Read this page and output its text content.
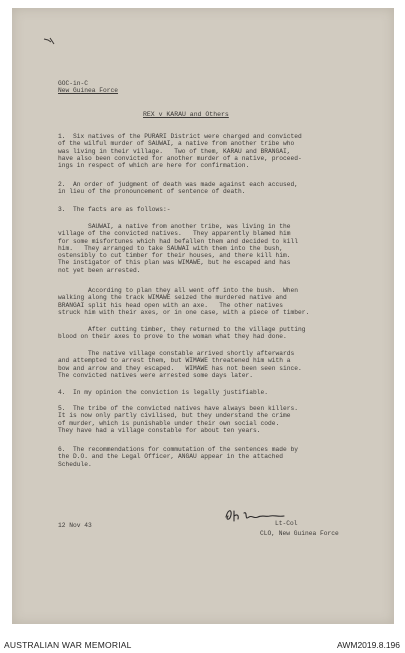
GOC-in-C
New Guinea Force
REX v KARAU and Others
1.  Six natives of the PURARI District were charged and convicted
of the wilful murder of SAUWAI, a native from another tribe who
was living in their village.   Two of them, KARAU and BRANGAI,
have also been convicted for another murder of a native, proceed-
ings in respect of which are here for confirmation.
2.  An order of judgment of death was made against each accused,
in lieu of the pronouncement of sentence of death.
3.  The facts are as follows:-
SAUWAI, a native from another tribe, was living in the
village of the convicted natives.   They apparently blamed him
for some misfortunes which had befallen them and decided to kill
him.   They arranged to take SAUWAI with them into the bush,
ostensibly to cut timber for their houses, and there kill him.
The instigator of this plan was WIMAWE, but he escaped and has
not yet been arrested.
According to plan they all went off into the bush.  When
walking along the track WIMAWE seized the murdered native and
BRANGAI split his head open with an axe.   The other natives
struck him with their axes, or in one case, with a piece of timber.
After cutting timber, they returned to the village putting
blood on their axes to prove to the woman what they had done.
The native village constable arrived shortly afterwards
and attempted to arrest them, but WIMAWE threatened him with a
bow and arrow and they escaped.   WIMAWE has not been seen since.
The convicted natives were arrested some days later.
4.  In my opinion the conviction is legally justifiable.
5.  The tribe of the convicted natives have always been killers.
It is now only partly civilised, but they understand the crime
of murder, which is punishable under their own social code.
They have had a village constable for about ten years.
6.  The recommendations for commutation of the sentences made by
the D.O. and the Legal Officer, ANGAU appear in the attached
Schedule.
12 Nov 43	Lt-Col
CLO, New Guinea Force
AUSTRALIAN WAR MEMORIAL	AWM2019.8.196
